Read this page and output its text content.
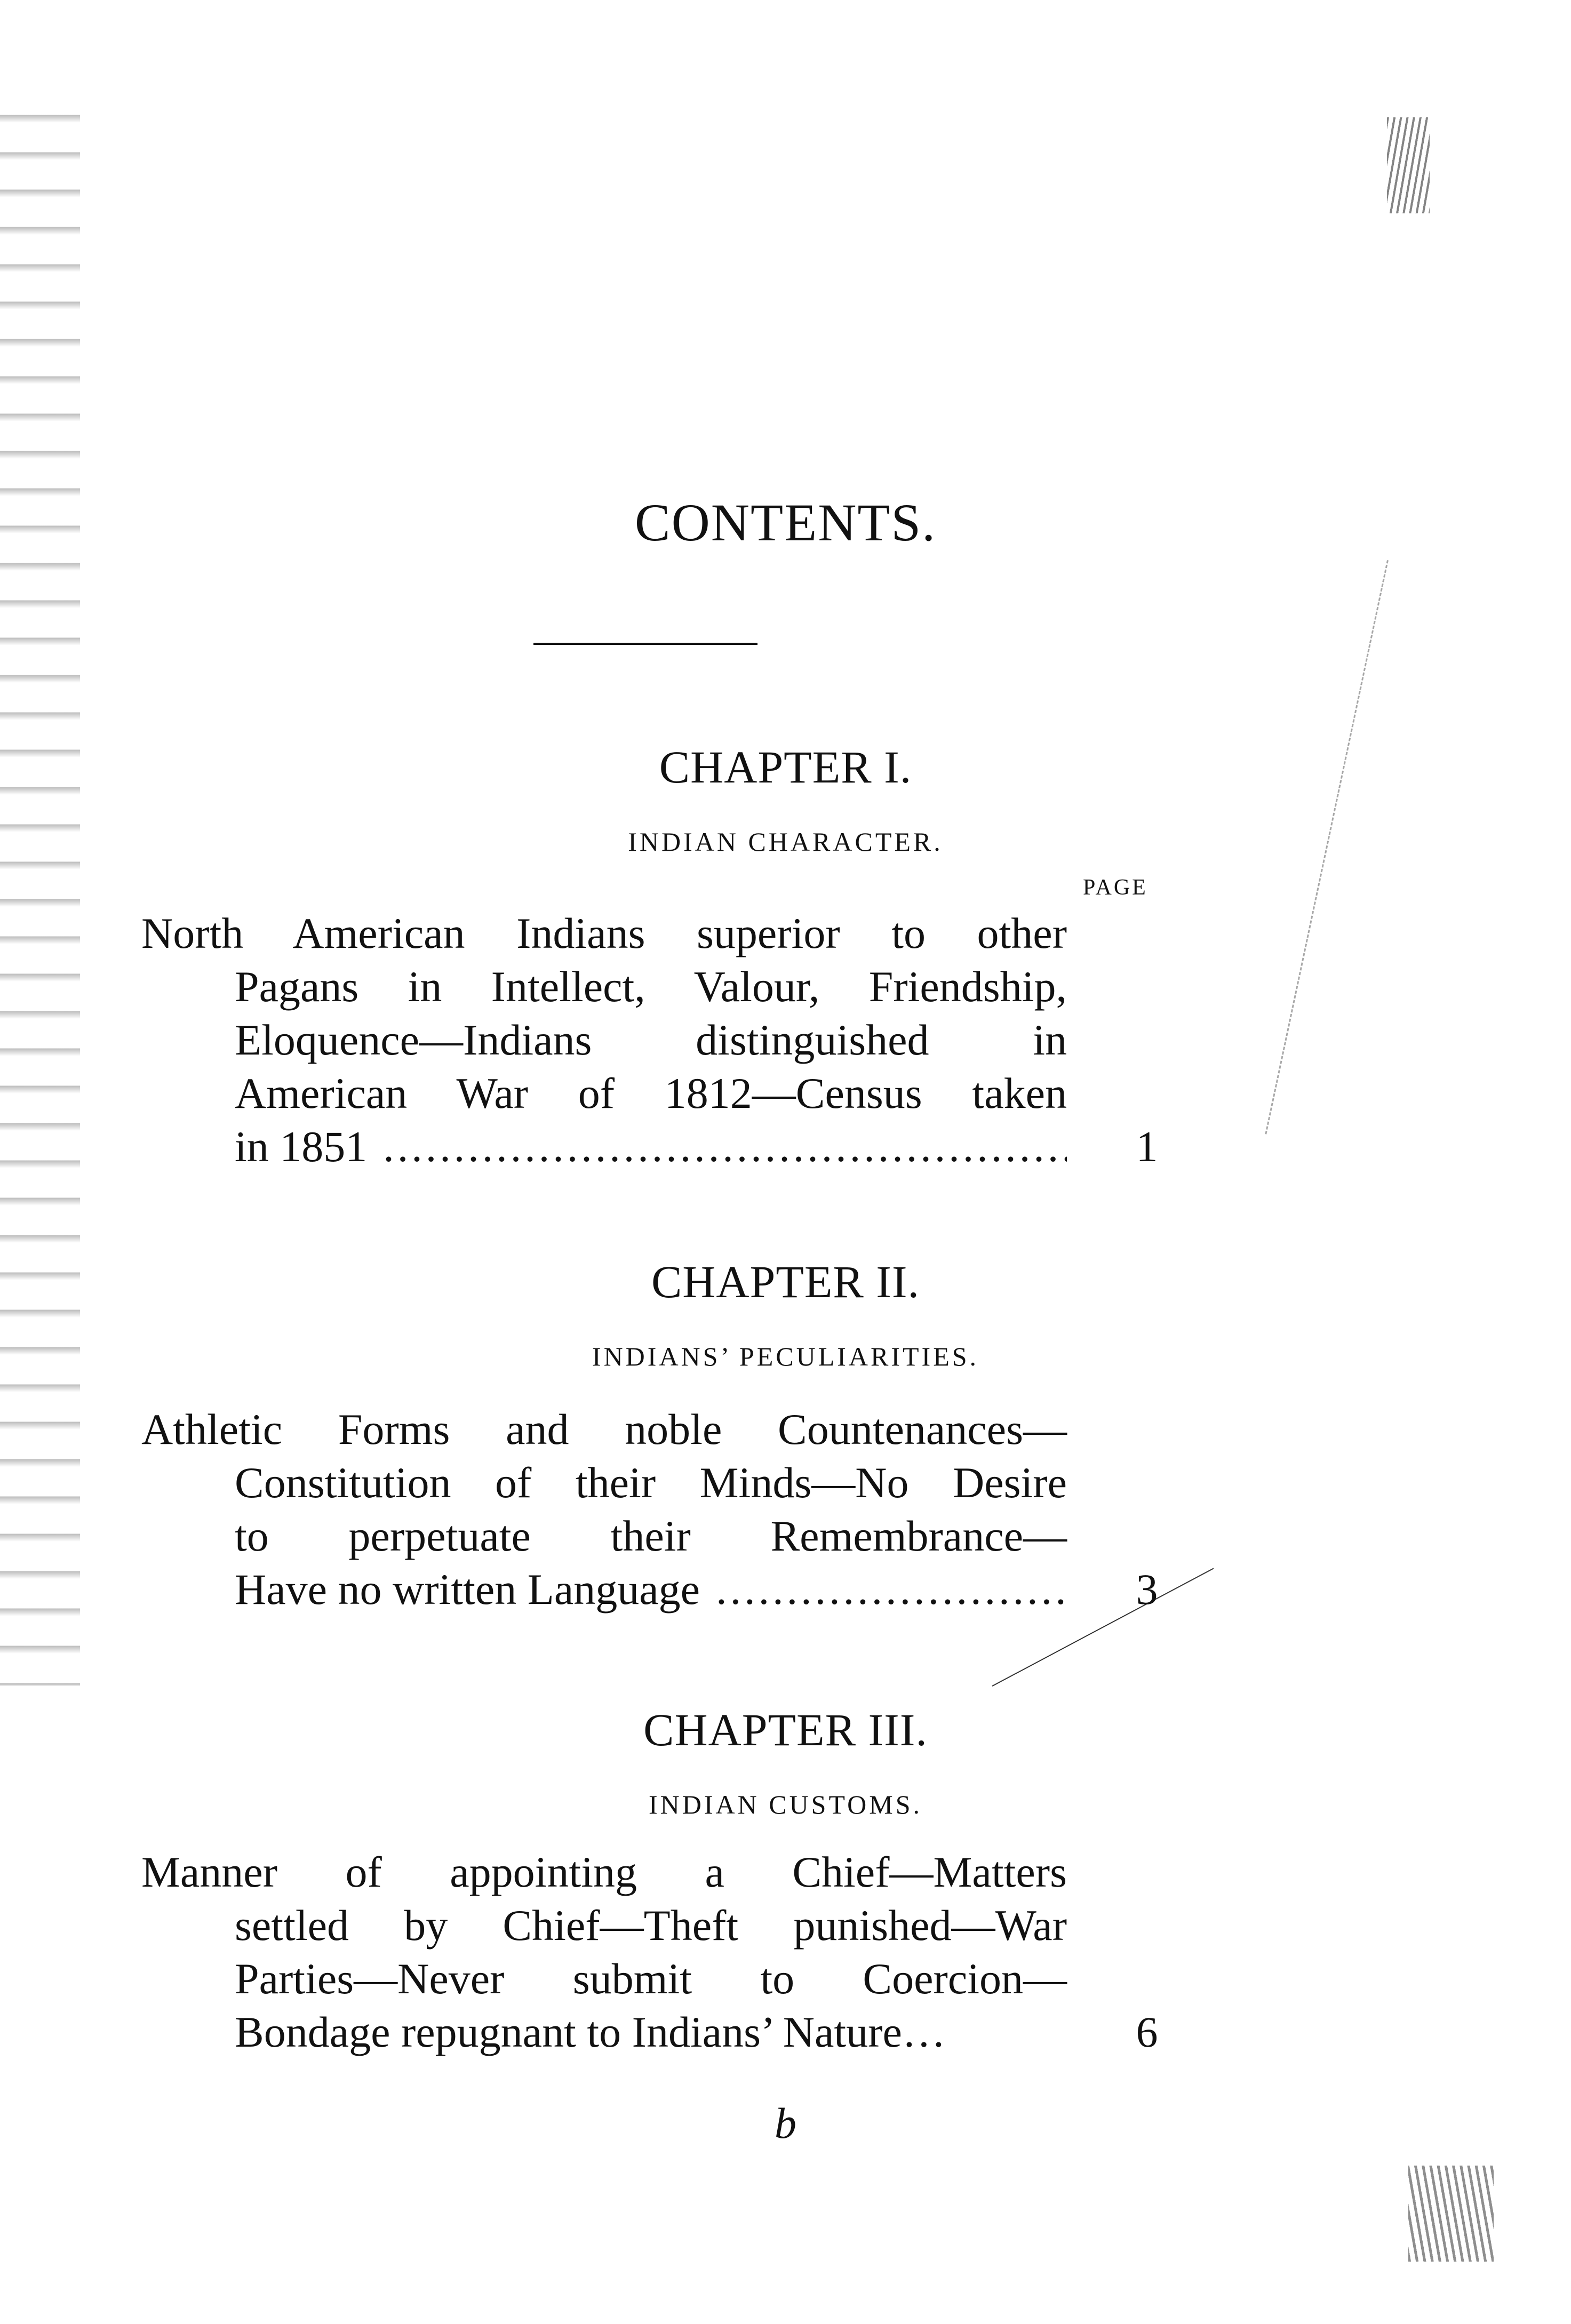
CONTENTS.
CHAPTER I.
INDIAN CHARACTER.
PAGE
North American Indians superior to other
Pagans in Intellect, Valour, Friendship,
Eloquence—Indians distinguished in
American War of 1812—Census taken
in 1851 .....	1
CHAPTER II.
INDIANS’ PECULIARITIES.
Athletic Forms and noble Countenances—
Constitution of their Minds—No Desire
to perpetuate their Remembrance—
Have no written Language .....	3
CHAPTER III.
INDIAN CUSTOMS.
Manner of appointing a Chief—Matters
settled by Chief—Theft punished—War
Parties—Never submit to Coercion—
Bondage repugnant to Indians’ Nature…	6
b
